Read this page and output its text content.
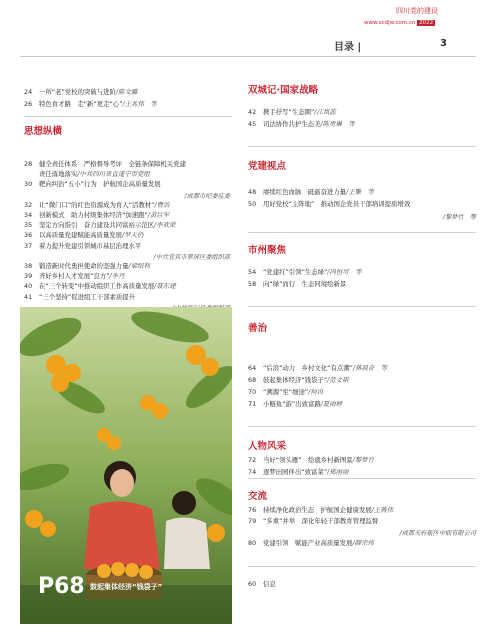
四川党的建设
www.scdjw.com.cn 2022
目录 |	3
24 一所“老”党校的突破与进阶/陈文璐
26 特色育才路　走“新”更走“心”/王兆伟　等
思想纵横
28 健全责任体系　严格督导考评　全链条保障机关党建
责任落地落实/中共四川省直遂宁市党组
30 靶向纠治“五小”行为　护航国企高质量发展
/成都市纪委监委
32 让“微门口”的红色资源成为育人“活教材”/曹浩
34 创新模式　助力村级集体经济“加速跑”/黄巨军
35 坚定方向指引　奋力建设共同富裕示范区/李欢荣
36 以高质量党建赋能高质量发展/罗天仍
37 着力提升党建引领城市基层治理水平
/中共宜宾市翠屏区委组织部
38 锻造新时代勇担使命的坚强力量/梁绍利
39 齐好乡村人才发展“良方”/李丹
40 在“三个转变”中推动组织工作高质量发展/聂东建
41 “三个坚持”促进组工干部素质提升
P68 鼓起集体经济“钱袋子”
双城记·国家战略
42 携手抒写“生态圈”/江岚蕊
45 司法协作共护生态美/陈勇琳　等
党建视点
48 赓续红色血脉　砥砺奋进力量/王擎　等
50 用好党校“主阵地”　推动国企党员干部培训提质增效
/黎梦竹　等
市州聚焦
54 “党建红”引领“生态绿”/冯恒可　等
58 向“绿”而行　生态同境绘新景
善治
64 “后浪”动力　乡村文化“有点潮”/蒋晨奇　等
68 鼓起集体经济“钱袋子”/范文琪
70 “溯源”至“细途”/何冉
71 小鲢鱼“游”出致富路/夏雨婷
人物风采
72 当好“领头雁”　绘就乡村新图景/黎梦竹
74 逐梦田园伴出“致富菜”/郑雨雨
交流
76 持续净化政治生态　护航国企健康发展/王燕伟
79 “多重”并举　深化年轻干部教育管理监督
/成都天府新区中联有限公司
80 党建引领　赋能产业高质量发展/薛宗伟
60 信息
